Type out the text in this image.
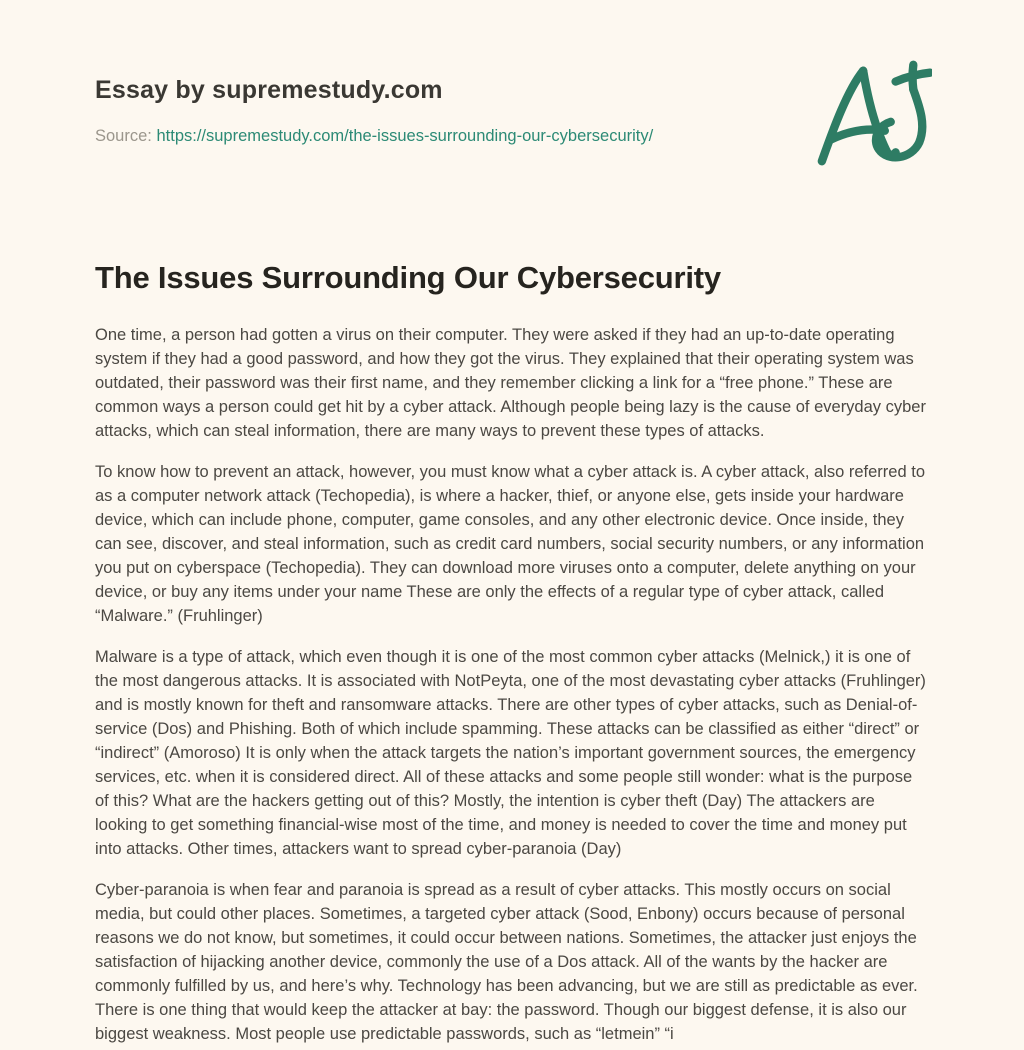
Essay by supremestudy.com
Source: https://supremestudy.com/the-issues-surrounding-our-cybersecurity/
The Issues Surrounding Our Cybersecurity

One time, a person had gotten a virus on their computer. They were asked if they had an up-to-date operating system if they had a good password, and how they got the virus. They explained that their operating system was outdated, their password was their first name, and they remember clicking a link for a “free phone.” These are common ways a person could get hit by a cyber attack. Although people being lazy is the cause of everyday cyber attacks, which can steal information, there are many ways to prevent these types of attacks.

To know how to prevent an attack, however, you must know what a cyber attack is. A cyber attack, also referred to as a computer network attack (Techopedia), is where a hacker, thief, or anyone else, gets inside your hardware device, which can include phone, computer, game consoles, and any other electronic device. Once inside, they can see, discover, and steal information, such as credit card numbers, social security numbers, or any information you put on cyberspace (Techopedia). They can download more viruses onto a computer, delete anything on your device, or buy any items under your name These are only the effects of a regular type of cyber attack, called “Malware.” (Fruhlinger)

Malware is a type of attack, which even though it is one of the most common cyber attacks (Melnick,) it is one of the most dangerous attacks. It is associated with NotPeyta, one of the most devastating cyber attacks (Fruhlinger) and is mostly known for theft and ransomware attacks. There are other types of cyber attacks, such as Denial-of-service (Dos) and Phishing. Both of which include spamming. These attacks can be classified as either “direct” or “indirect” (Amoroso) It is only when the attack targets the nation’s important government sources, the emergency services, etc. when it is considered direct. All of these attacks and some people still wonder: what is the purpose of this? What are the hackers getting out of this? Mostly, the intention is cyber theft (Day) The attackers are looking to get something financial-wise most of the time, and money is needed to cover the time and money put into attacks. Other times, attackers want to spread cyber-paranoia (Day)

Cyber-paranoia is when fear and paranoia is spread as a result of cyber attacks. This mostly occurs on social media, but could other places. Sometimes, a targeted cyber attack (Sood, Enbony) occurs because of personal reasons we do not know, but sometimes, it could occur between nations. Sometimes, the attacker just enjoys the satisfaction of hijacking another device, commonly the use of a Dos attack. All of the wants by the hacker are commonly fulfilled by us, and here’s why. Technology has been advancing, but we are still as predictable as ever. There is one thing that would keep the attacker at bay: the password. Though our biggest defense, it is also our biggest weakness. Most people use predictable passwords, such as “letmein” “i
